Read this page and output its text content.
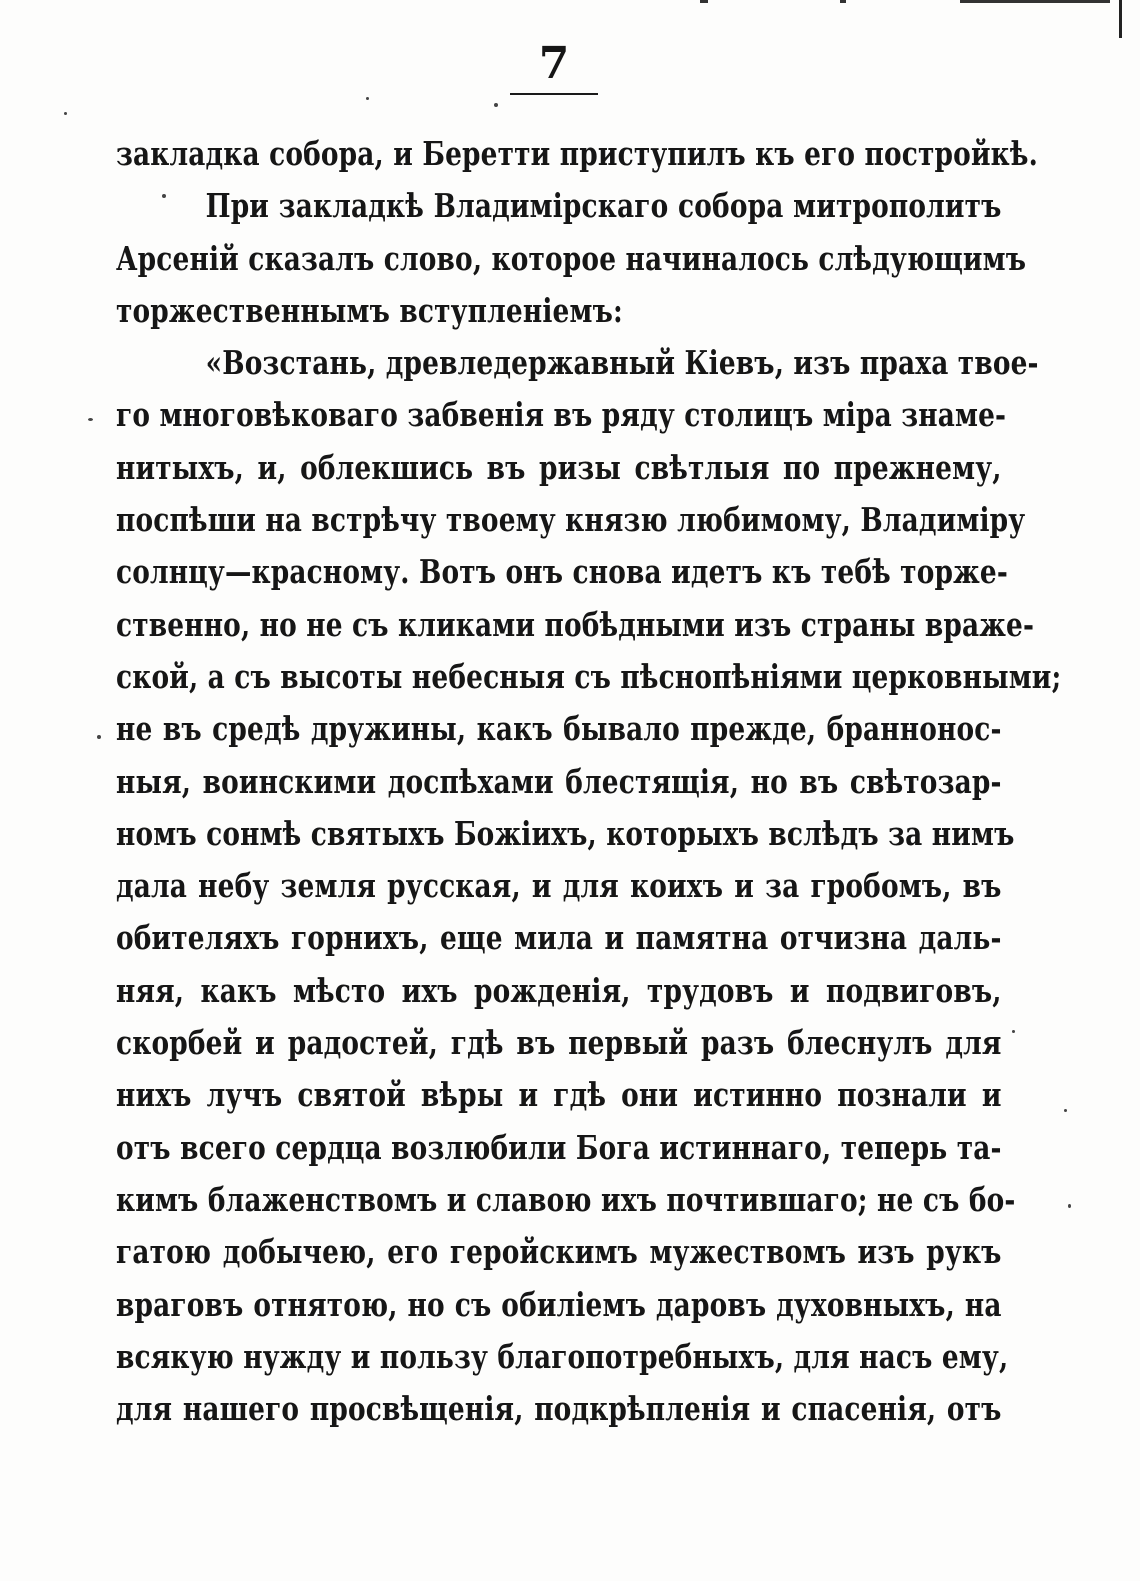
7
закладка собора, и Беретти приступилъ къ его постройкѣ.
При закладкѣ Владимірскаго собора митрополитъ
Арсеній сказалъ слово, которое начиналось слѣдующимъ
торжественнымъ вступленіемъ:
«Возстань, древледержавный Кіевъ, изъ праха твое-
го многовѣковаго забвенія въ ряду столицъ міра знаме-
нитыхъ, и, облекшись въ ризы свѣтлыя по прежнему,
поспѣши на встрѣчу твоему князю любимому, Владиміру
солнцу—красному. Вотъ онъ снова идетъ къ тебѣ торже-
ственно, но не съ кликами побѣдными изъ страны враже-
ской, а съ высоты небесныя съ пѣснопѣніями церковными;
не въ средѣ дружины, какъ бывало прежде, браннонос-
ныя, воинскими доспѣхами блестящія, но въ свѣтозар-
номъ сонмѣ святыхъ Божіихъ, которыхъ вслѣдъ за нимъ
дала небу земля русская, и для коихъ и за гробомъ, въ
обителяхъ горнихъ, еще мила и памятна отчизна даль-
няя, какъ мѣсто ихъ рожденія, трудовъ и подвиговъ,
скорбей и радостей, гдѣ въ первый разъ блеснулъ для
нихъ лучъ святой вѣры и гдѣ они истинно познали и
отъ всего сердца возлюбили Бога истиннаго, теперь та-
кимъ блаженствомъ и славою ихъ почтившаго; не съ бо-
гатою добычею, его геройскимъ мужествомъ изъ рукъ
враговъ отнятою, но съ обиліемъ даровъ духовныхъ, на
всякую нужду и пользу благопотребныхъ, для насъ ему,
для нашего просвѣщенія, подкрѣпленія и спасенія, отъ
